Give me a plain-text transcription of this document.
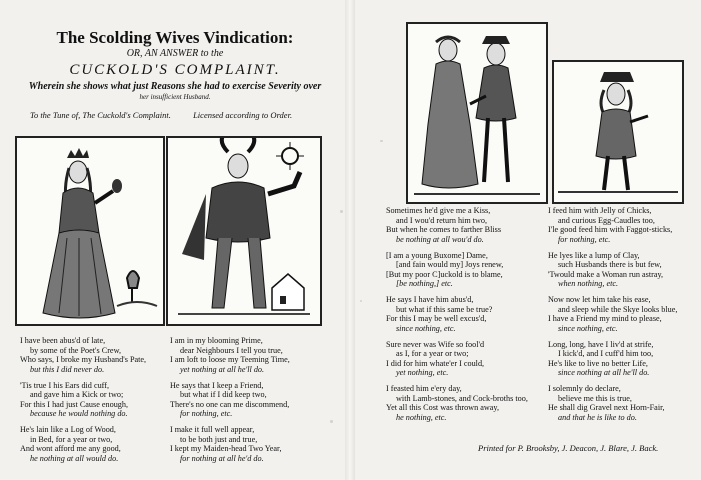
The Scolding Wives Vindication:
OR, AN ANSWER to the
CUCKOLD'S COMPLAINT.
Wherein she shows what just Reasons she had to exercise Severity over
her insufficient Husband.
To the Tune of, The Cuckold's Complaint.	Licensed according to Order.

I have been abus'd of late,
by some of the Poet's Crew,
Who says, I broke my Husband's Pate,
but this I did never do.

'Tis true I his Ears did cuff,
and gave him a Kick or two;
For this I had just Cause enough,
because he would nothing do.

He's lain like a Log of Wood,
in Bed, for a year or two,
And wont afford me any good,
he nothing at all would do.

I am in my blooming Prime,
dear Neighbours I tell you true,
I am loft to loose my Teeming Time,
yet nothing at all he'll do.

He says that I keep a Friend,
but what if I did keep two,
There's no one can me discommend,
for nothing, etc.

I make it full well appear,
to be both just and true,
I kept my Maiden-head Two Year,
for nothing at all he'd do.

Sometimes he'd give me a Kiss,
and I wou'd return him two,
But when he comes to farther Bliss
be nothing at all wou'd do.

[I am a young Buxome] Dame,
[and fain would my] Joys renew,
[But my poor C]uckold is to blame,
[be nothing,] etc.

He says I have him abus'd,
but what if this same be true?
For this I may be well excus'd,
since nothing, etc.

Sure never was Wife so fool'd
as I, for a year or two;
I did for him whate'er I could,
yet nothing, etc.

I feasted him e'ery day,
with Lamb-stones, and Cock-broths too,
Yet all this Cost was thrown away,
he nothing, etc.

I feed him with Jelly of Chicks,
and curious Egg-Caudles too,
I'le good feed him with Faggot-sticks,
for nothing, etc.

He lyes like a lump of Clay,
such Husbands there is but few,
'Twould make a Woman run astray,
when nothing, etc.

Now now let him take his ease,
and sleep while the Skye looks blue,
I have a Friend my mind to please,
since nothing, etc.

Long, long, have I liv'd at strife,
I kick'd, and I cuff'd him too,
He's like to live no better Life,
since nothing at all he'll do.

I solemnly do declare,
believe me this is true,
He shall dig Gravel next Horn-Fair,
and that he is like to do.

Printed for P. Brooksby, J. Deacon, J. Blare, J. Back.
